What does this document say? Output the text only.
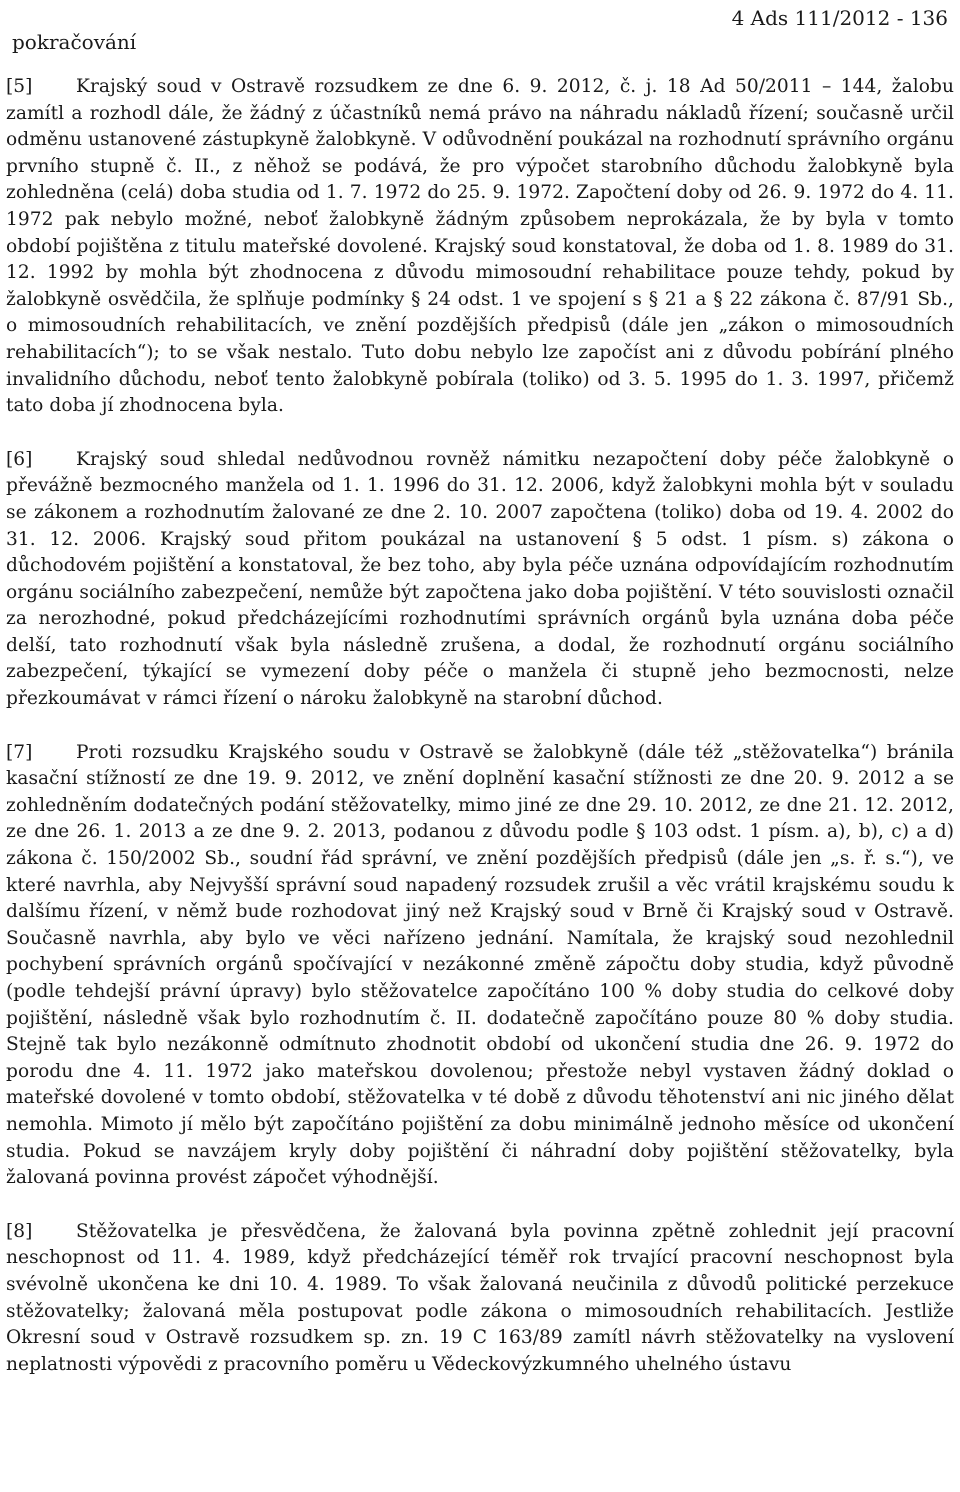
pokračování
4 Ads 111/2012 - 136

[5] Krajský soud v Ostravě rozsudkem ze dne 6. 9. 2012, č. j. 18 Ad 50/2011 – 144, žalobu zamítl a rozhodl dále, že žádný z účastníků nemá právo na náhradu nákladů řízení; současně určil odměnu ustanovené zástupkyně žalobkyně. V odůvodnění poukázal na rozhodnutí správního orgánu prvního stupně č. II., z něhož se podává, že pro výpočet starobního důchodu žalobkyně byla zohledněna (celá) doba studia od 1. 7. 1972 do 25. 9. 1972. Započtení doby od 26. 9. 1972 do 4. 11. 1972 pak nebylo možné, neboť žalobkyně žádným způsobem neprokázala, že by byla v tomto období pojištěna z titulu mateřské dovolené. Krajský soud konstatoval, že doba od 1. 8. 1989 do 31. 12. 1992 by mohla být zhodnocena z důvodu mimosoudní rehabilitace pouze tehdy, pokud by žalobkyně osvědčila, že splňuje podmínky § 24 odst. 1 ve spojení s § 21 a § 22 zákona č. 87/91 Sb., o mimosoudních rehabilitacích, ve znění pozdějších předpisů (dále jen „zákon o mimosoudních rehabilitacích“); to se však nestalo. Tuto dobu nebylo lze započíst ani z důvodu pobírání plného invalidního důchodu, neboť tento žalobkyně pobírala (toliko) od 3. 5. 1995 do 1. 3. 1997, přičemž tato doba jí zhodnocena byla.

[6] Krajský soud shledal nedůvodnou rovněž námitku nezapočtení doby péče žalobkyně o převážně bezmocného manžela od 1. 1. 1996 do 31. 12. 2006, když žalobkyni mohla být v souladu se zákonem a rozhodnutím žalované ze dne 2. 10. 2007 započtena (toliko) doba od 19. 4. 2002 do 31. 12. 2006. Krajský soud přitom poukázal na ustanovení § 5 odst. 1 písm. s) zákona o důchodovém pojištění a konstatoval, že bez toho, aby byla péče uznána odpovídajícím rozhodnutím orgánu sociálního zabezpečení, nemůže být započtena jako doba pojištění. V této souvislosti označil za nerozhodné, pokud předcházejícími rozhodnutími správních orgánů byla uznána doba péče delší, tato rozhodnutí však byla následně zrušena, a dodal, že rozhodnutí orgánu sociálního zabezpečení, týkající se vymezení doby péče o manžela či stupně jeho bezmocnosti, nelze přezkoumávat v rámci řízení o nároku žalobkyně na starobní důchod.

[7] Proti rozsudku Krajského soudu v Ostravě se žalobkyně (dále též „stěžovatelka“) bránila kasační stížností ze dne 19. 9. 2012, ve znění doplnění kasační stížnosti ze dne 20. 9. 2012 a se zohledněním dodatečných podání stěžovatelky, mimo jiné ze dne 29. 10. 2012, ze dne 21. 12. 2012, ze dne 26. 1. 2013 a ze dne 9. 2. 2013, podanou z důvodu podle § 103 odst. 1 písm. a), b), c) a d) zákona č. 150/2002 Sb., soudní řád správní, ve znění pozdějších předpisů (dále jen „s. ř. s.“), ve které navrhla, aby Nejvyšší správní soud napadený rozsudek zrušil a věc vrátil krajskému soudu k dalšímu řízení, v němž bude rozhodovat jiný než Krajský soud v Brně či Krajský soud v Ostravě. Současně navrhla, aby bylo ve věci nařízeno jednání. Namítala, že krajský soud nezohlednil pochybení správních orgánů spočívající v nezákonné změně zápočtu doby studia, když původně (podle tehdejší právní úpravy) bylo stěžovatelce započítáno 100 % doby studia do celkové doby pojištění, následně však bylo rozhodnutím č. II. dodatečně započítáno pouze 80 % doby studia. Stejně tak bylo nezákonně odmítnuto zhodnotit období od ukončení studia dne 26. 9. 1972 do porodu dne 4. 11. 1972 jako mateřskou dovolenou; přestože nebyl vystaven žádný doklad o mateřské dovolené v tomto období, stěžovatelka v té době z důvodu těhotenství ani nic jiného dělat nemohla. Mimoto jí mělo být započítáno pojištění za dobu minimálně jednoho měsíce od ukončení studia. Pokud se navzájem kryly doby pojištění či náhradní doby pojištění stěžovatelky, byla žalovaná povinna provést zápočet výhodnější.

[8] Stěžovatelka je přesvědčena, že žalovaná byla povinna zpětně zohlednit její pracovní neschopnost od 11. 4. 1989, když předcházející téměř rok trvající pracovní neschopnost byla svévolně ukončena ke dni 10. 4. 1989. To však žalovaná neučinila z důvodů politické perzekuce stěžovatelky; žalovaná měla postupovat podle zákona o mimosoudních rehabilitacích. Jestliže Okresní soud v Ostravě rozsudkem sp. zn. 19 C 163/89 zamítl návrh stěžovatelky na vyslovení neplatnosti výpovědi z pracovního poměru u Vědeckovýzkumného uhelného ústavu
